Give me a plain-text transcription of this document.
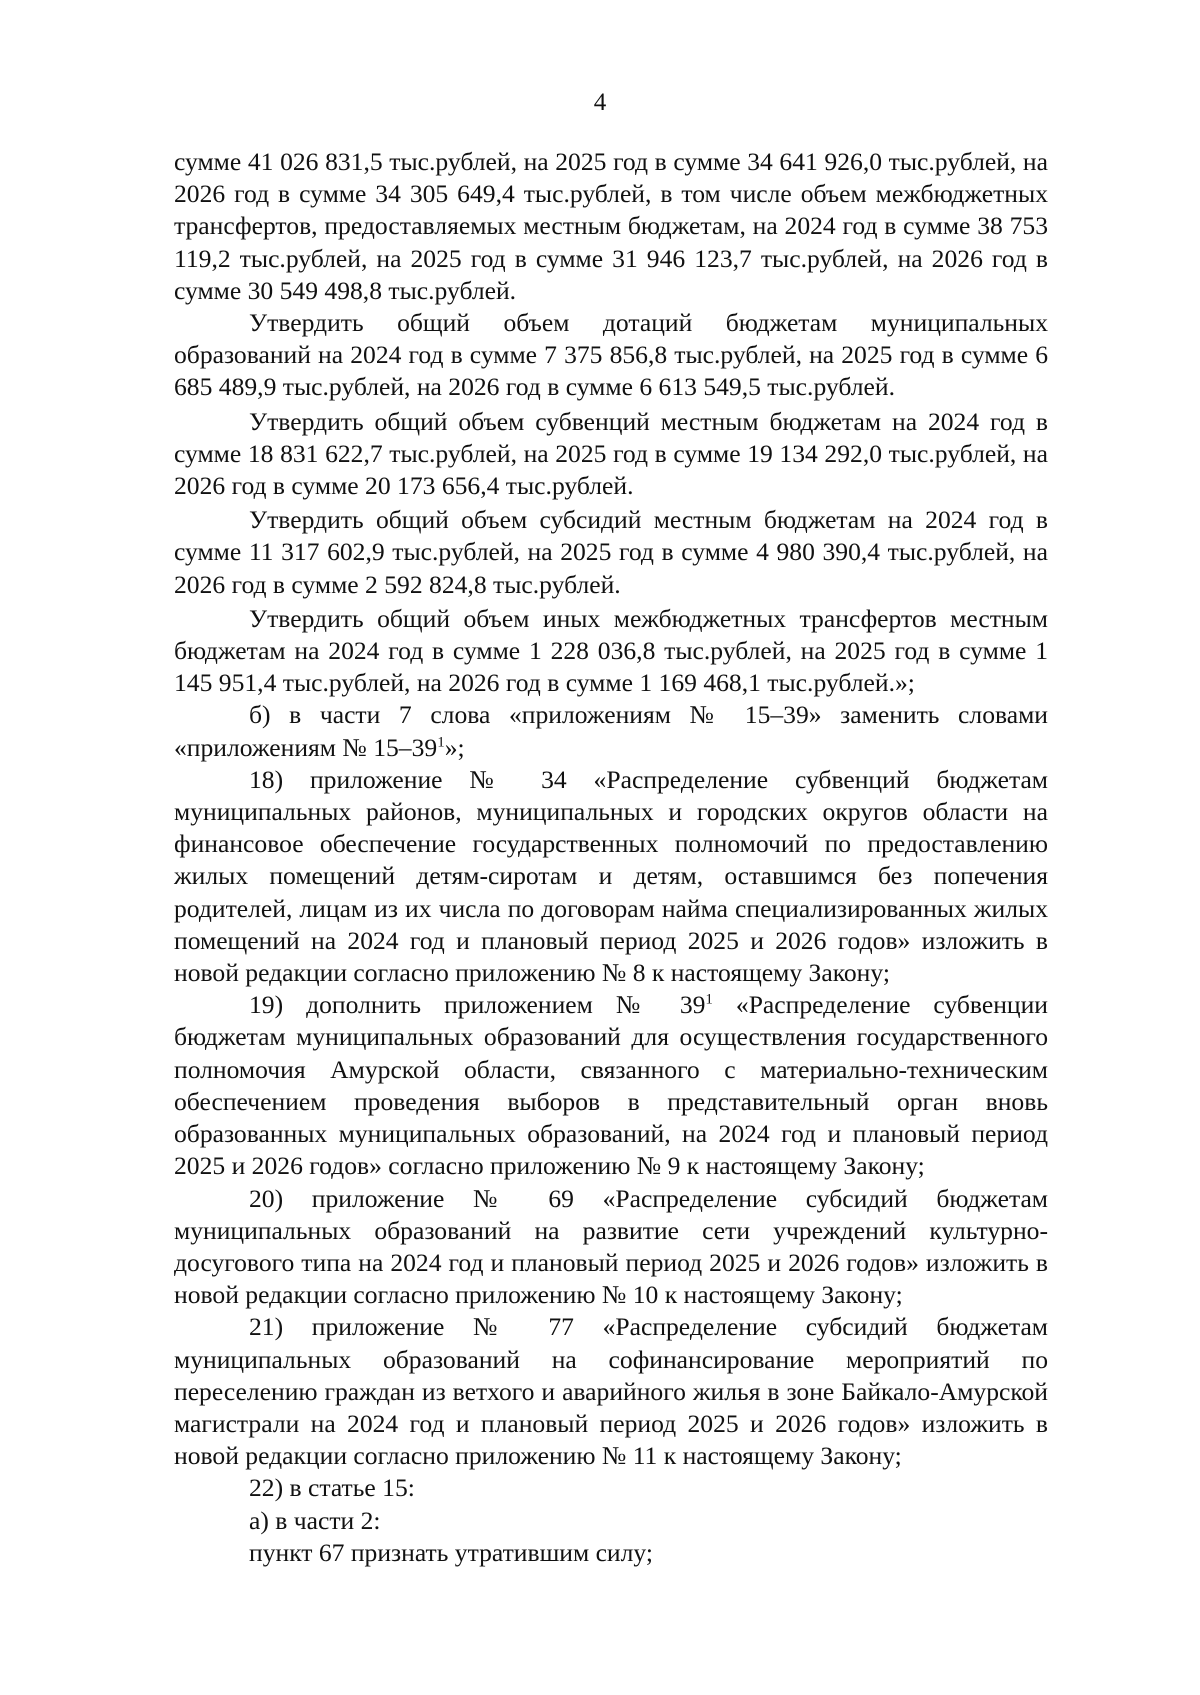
4

сумме 41 026 831,5 тыс.рублей, на 2025 год в сумме 34 641 926,0 тыс.рублей, на 2026 год в сумме 34 305 649,4 тыс.рублей, в том числе объем межбюджетных трансфертов, предоставляемых местным бюджетам, на 2024 год в сумме 38 753 119,2 тыс.рублей, на 2025 год в сумме 31 946 123,7 тыс.рублей, на 2026 год в сумме 30 549 498,8 тыс.рублей.

Утвердить общий объем дотаций бюджетам муниципальных образований на 2024 год в сумме 7 375 856,8 тыс.рублей, на 2025 год в сумме 6 685 489,9 тыс.рублей, на 2026 год в сумме 6 613 549,5 тыс.рублей.

Утвердить общий объем субвенций местным бюджетам на 2024 год в сумме 18 831 622,7 тыс.рублей, на 2025 год в сумме 19 134 292,0 тыс.рублей, на 2026 год в сумме 20 173 656,4 тыс.рублей.

Утвердить общий объем субсидий местным бюджетам на 2024 год в сумме 11 317 602,9 тыс.рублей, на 2025 год в сумме 4 980 390,4 тыс.рублей, на 2026 год в сумме 2 592 824,8 тыс.рублей.

Утвердить общий объем иных межбюджетных трансфертов местным бюджетам на 2024 год в сумме 1 228 036,8 тыс.рублей, на 2025 год в сумме 1 145 951,4 тыс.рублей, на 2026 год в сумме 1 169 468,1 тыс.рублей.»;

б) в части 7 слова «приложениям № 15–39» заменить словами «приложениям № $15-39^1$»;

18) приложение № 34 «Распределение субвенций бюджетам муниципальных районов, муниципальных и городских округов области на финансовое обеспечение государственных полномочий по предоставлению жилых помещений детям-сиротам и детям, оставшимся без попечения родителей, лицам из их числа по договорам найма специализированных жилых помещений на 2024 год и плановый период 2025 и 2026 годов» изложить в новой редакции согласно приложению № 8 к настоящему Закону;

19) дополнить приложением № $39^1$ «Распределение субвенции бюджетам муниципальных образований для осуществления государственного полномочия Амурской области, связанного с материально-техническим обеспечением проведения выборов в представительный орган вновь образованных муниципальных образований, на 2024 год и плановый период 2025 и 2026 годов» согласно приложению № 9 к настоящему Закону;

20) приложение № 69 «Распределение субсидий бюджетам муниципальных образований на развитие сети учреждений культурно-досугового типа на 2024 год и плановый период 2025 и 2026 годов» изложить в новой редакции согласно приложению № 10 к настоящему Закону;

21) приложение № 77 «Распределение субсидий бюджетам муниципальных образований на софинансирование мероприятий по переселению граждан из ветхого и аварийного жилья в зоне Байкало-Амурской магистрали на 2024 год и плановый период 2025 и 2026 годов» изложить в новой редакции согласно приложению № 11 к настоящему Закону;

22) в статье 15:

а) в части 2:

пункт 67 признать утратившим силу;
